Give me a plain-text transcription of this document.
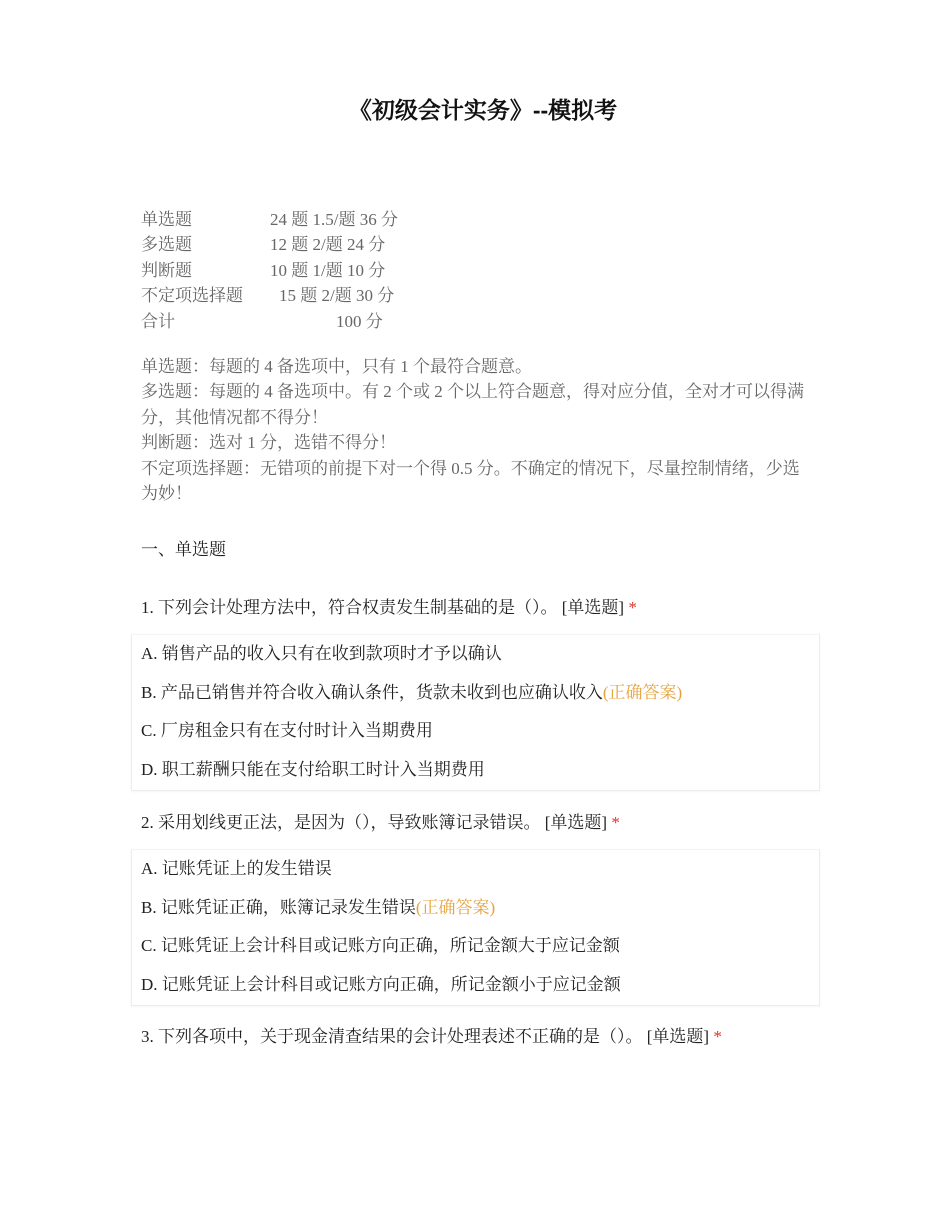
《初级会计实务》--模拟考
单选题	24 题 1.5/题 36 分
多选题	12 题 2/题 24 分
判断题	10 题 1/题 10 分
不定项选择题 15 题 2/题 30 分
合计	100 分

单选题：每题的 4 备选项中，只有 1 个最符合题意。

多选题：每题的 4 备选项中。有 2 个或 2 个以上符合题意，得对应分值，全对才可以得满分，其他情况都不得分！

判断题：选对 1 分，选错不得分！

不定项选择题：无错项的前提下对一个得 0.5 分。不确定的情况下，尽量控制情绪，少选为妙！

一、单选题
1. 下列会计处理方法中，符合权责发生制基础的是（）。 [单选题] *
A. 销售产品的收入只有在收到款项时才予以确认
B. 产品已销售并符合收入确认条件，货款未收到也应确认收入(正确答案)
C. 厂房租金只有在支付时计入当期费用
D. 职工薪酬只能在支付给职工时计入当期费用
2. 采用划线更正法，是因为（），导致账簿记录错误。 [单选题] *
A. 记账凭证上的发生错误
B. 记账凭证正确，账簿记录发生错误(正确答案)
C. 记账凭证上会计科目或记账方向正确，所记金额大于应记金额
D. 记账凭证上会计科目或记账方向正确，所记金额小于应记金额
3. 下列各项中，关于现金清查结果的会计处理表述不正确的是（）。 [单选题] *
